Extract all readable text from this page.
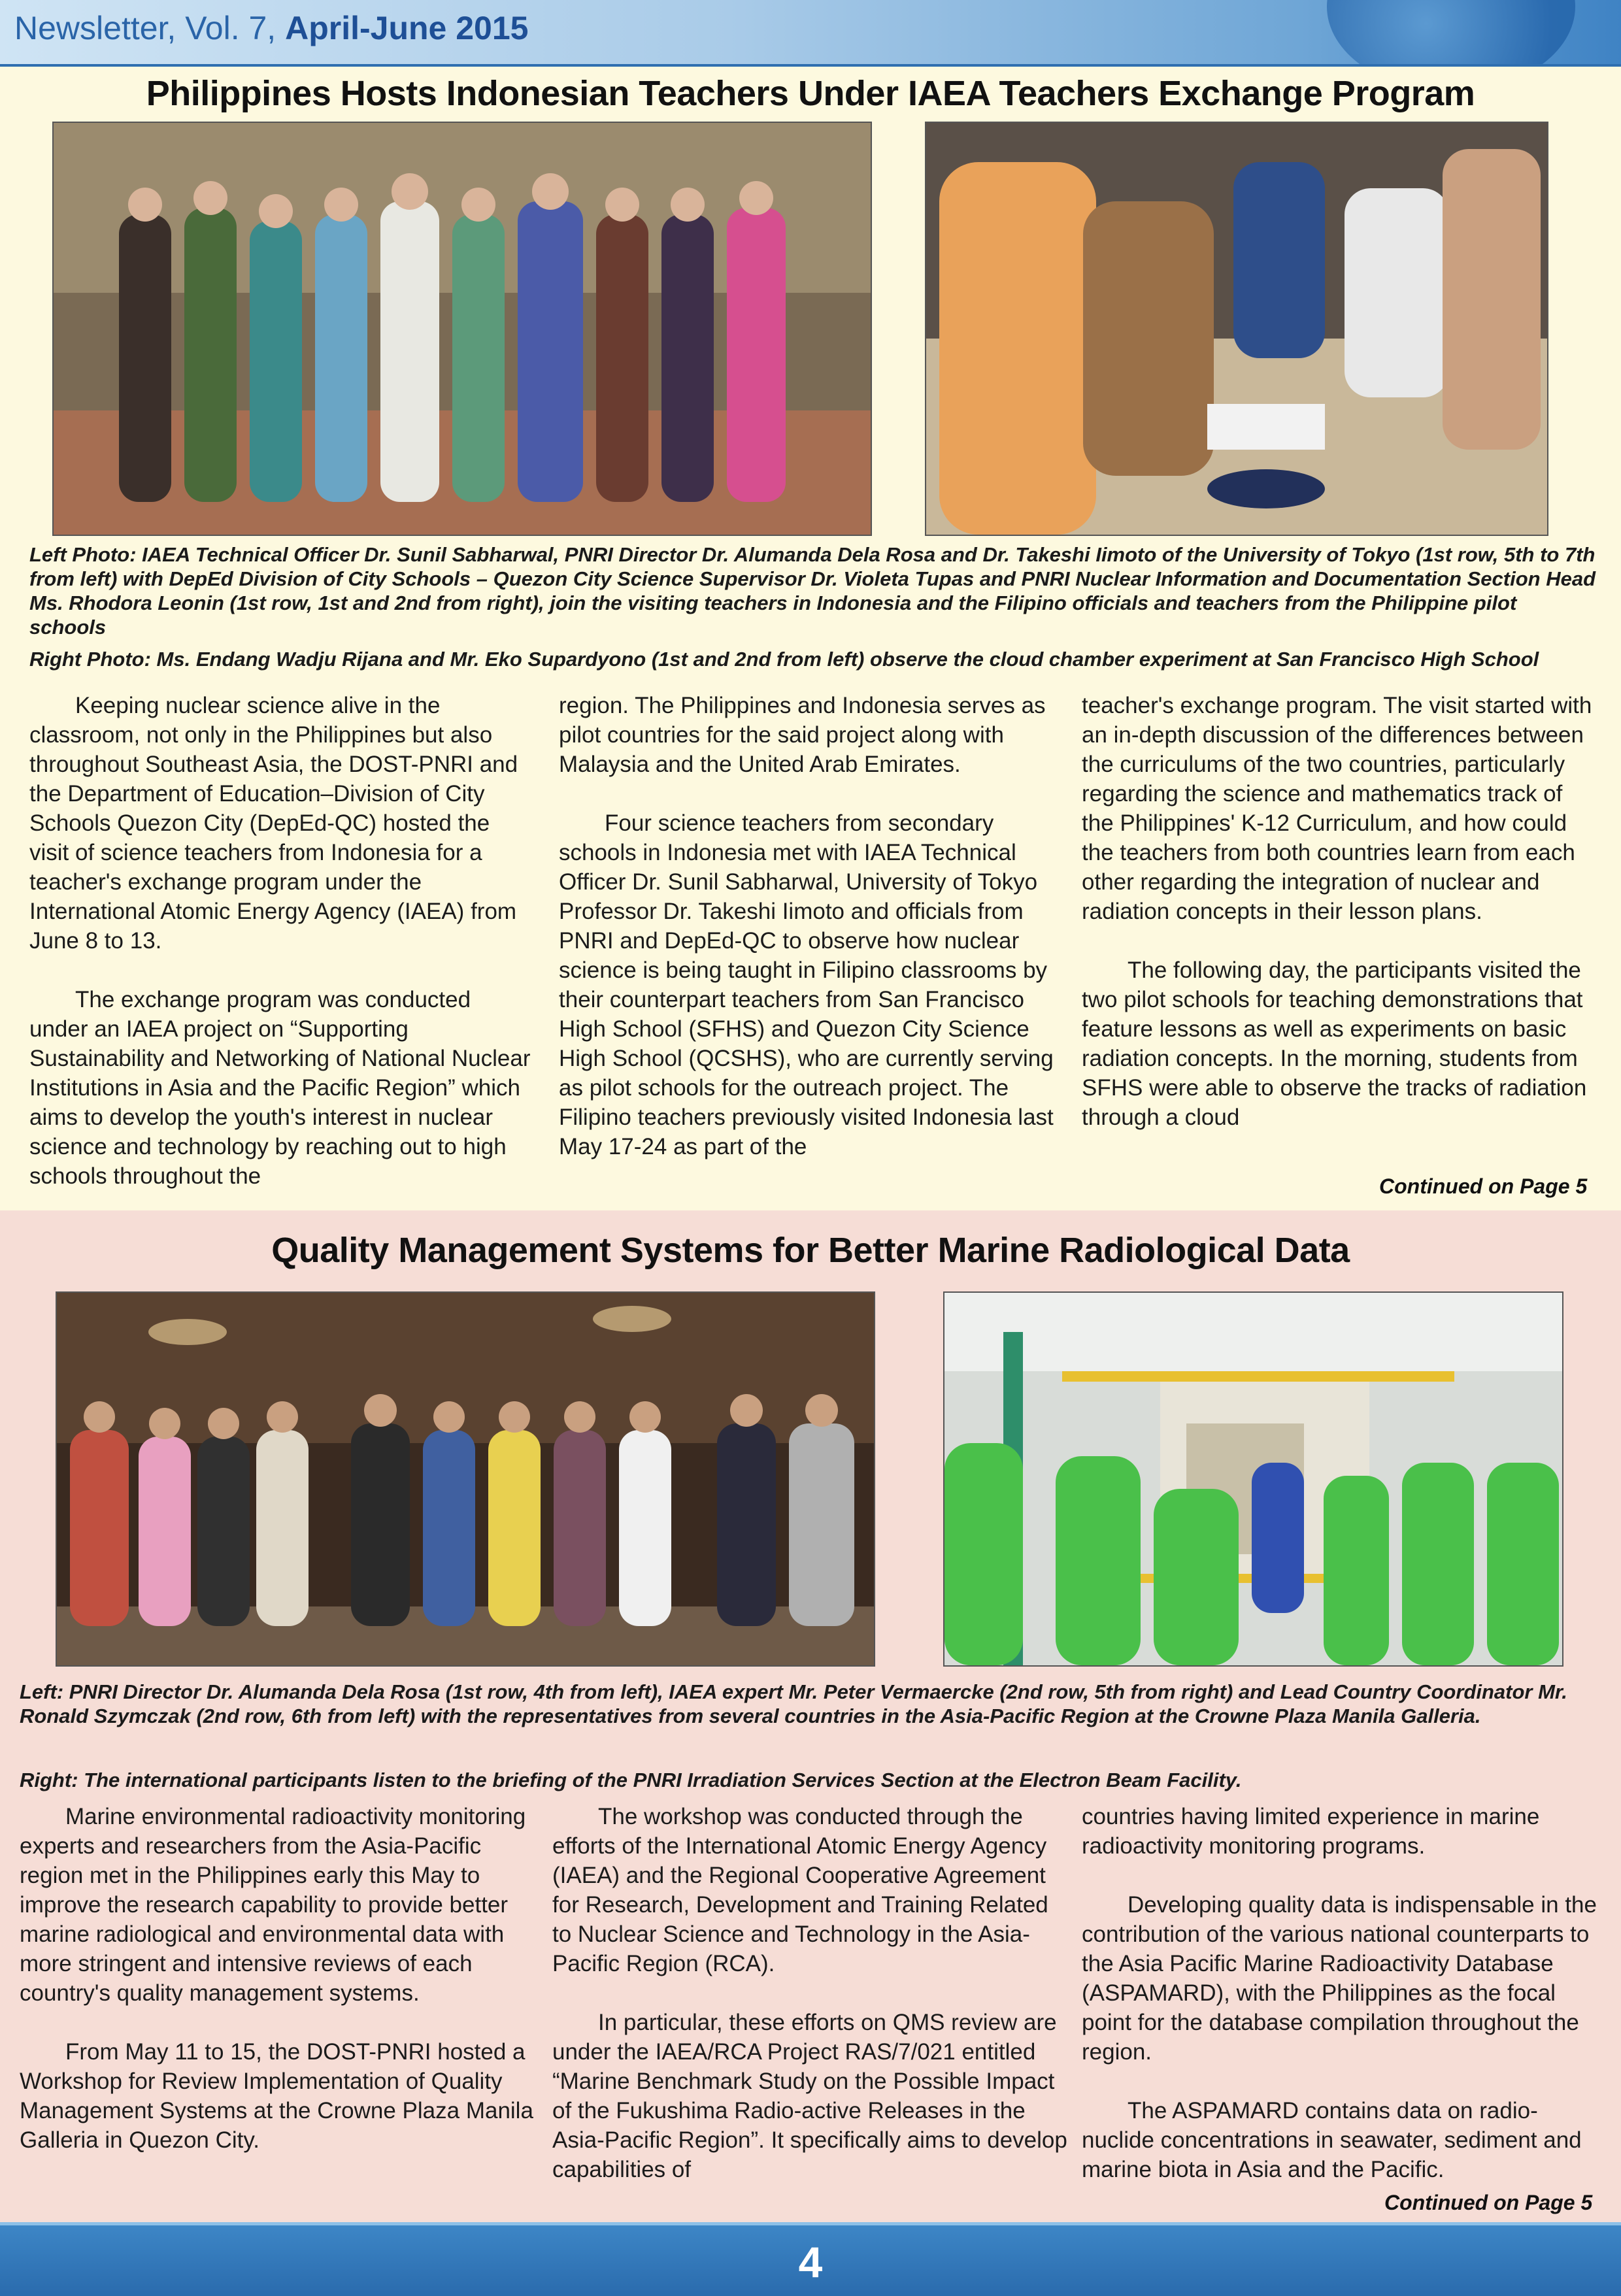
Newsletter, Vol. 7, April-June 2015
Philippines Hosts Indonesian Teachers Under IAEA Teachers Exchange Program
Left Photo: IAEA Technical Officer Dr. Sunil Sabharwal, PNRI Director Dr. Alumanda Dela Rosa and Dr. Takeshi Iimoto of the University of Tokyo (1st row, 5th to 7th from left) with DepEd Division of City Schools – Quezon City Science Supervisor Dr. Violeta Tupas and PNRI Nuclear Information and Documentation Section Head Ms. Rhodora Leonin (1st row, 1st and 2nd from right), join the visiting teachers in Indonesia and the Filipino officials and teachers from the Philippine pilot schools
Right Photo: Ms. Endang Wadju Rijana and Mr. Eko Supardyono (1st and 2nd from left) observe the cloud chamber experiment at San Francisco High School

Keeping nuclear science alive in the classroom, not only in the Philippines but also throughout Southeast Asia, the DOST-PNRI and the Department of Education–Division of City Schools Quezon City (DepEd-QC) hosted the visit of science teachers from Indonesia for a teacher's exchange program under the International Atomic Energy Agency (IAEA) from June 8 to 13.

The exchange program was conducted under an IAEA project on “Supporting Sustainability and Networking of National Nuclear Institutions in Asia and the Pacific Region” which aims to develop the youth's interest in nuclear science and technology by reaching out to high schools throughout the

region. The Philippines and Indonesia serves as pilot countries for the said project along with Malaysia and the United Arab Emirates.

Four science teachers from secondary schools in Indonesia met with IAEA Technical Officer Dr. Sunil Sabharwal, University of Tokyo Professor Dr. Takeshi Iimoto and officials from PNRI and DepEd-QC to observe how nuclear science is being taught in Filipino classrooms by their counterpart teachers from San Francisco High School (SFHS) and Quezon City Science High School (QCSHS), who are currently serving as pilot schools for the outreach project. The Filipino teachers previously visited Indonesia last May 17-24 as part of the

teacher's exchange program. The visit started with an in-depth discussion of the differences between the curriculums of the two countries, particularly regarding the science and mathematics track of the Philippines' K-12 Curriculum, and how could the teachers from both countries learn from each other regarding the integration of nuclear and radiation concepts in their lesson plans.

The following day, the participants visited the two pilot schools for teaching demonstrations that feature lessons as well as experiments on basic radiation concepts. In the morning, students from SFHS were able to observe the tracks of radiation through a cloud

Continued on Page 5
Quality Management Systems for Better Marine Radiological Data
Left: PNRI Director Dr. Alumanda Dela Rosa (1st row, 4th from left), IAEA expert Mr. Peter Vermaercke (2nd row, 5th from right) and Lead Country Coordinator Mr. Ronald Szymczak (2nd row, 6th from left) with the representatives from several countries in the Asia-Pacific Region at the Crowne Plaza Manila Galleria.
Right: The international participants listen to the briefing of the PNRI Irradiation Services Section at the Electron Beam Facility.

Marine environmental radioactivity monitoring experts and researchers from the Asia-Pacific region met in the Philippines early this May to improve the research capability to provide better marine radiological and environmental data with more stringent and intensive reviews of each country's quality management systems.

From May 11 to 15, the DOST-PNRI hosted a Workshop for Review Implementation of Quality Management Systems at the Crowne Plaza Manila Galleria in Quezon City.

The workshop was conducted through the efforts of the International Atomic Energy Agency (IAEA) and the Regional Cooperative Agreement for Research, Development and Training Related to Nuclear Science and Technology in the Asia-Pacific Region (RCA).

In particular, these efforts on QMS review are under the IAEA/RCA Project RAS/7/021 entitled “Marine Benchmark Study on the Possible Impact of the Fukushima Radio-active Releases in the Asia-Pacific Region”. It specifically aims to develop capabilities of

countries having limited experience in marine radioactivity monitoring programs.

Developing quality data is indispensable in the contribution of the various national counterparts to the Asia Pacific Marine Radioactivity Database (ASPAMARD), with the Philippines as the focal point for the database compilation throughout the region.

The ASPAMARD contains data on radio-nuclide concentrations in seawater, sediment and marine biota in Asia and the Pacific.

Continued on Page 5
4
